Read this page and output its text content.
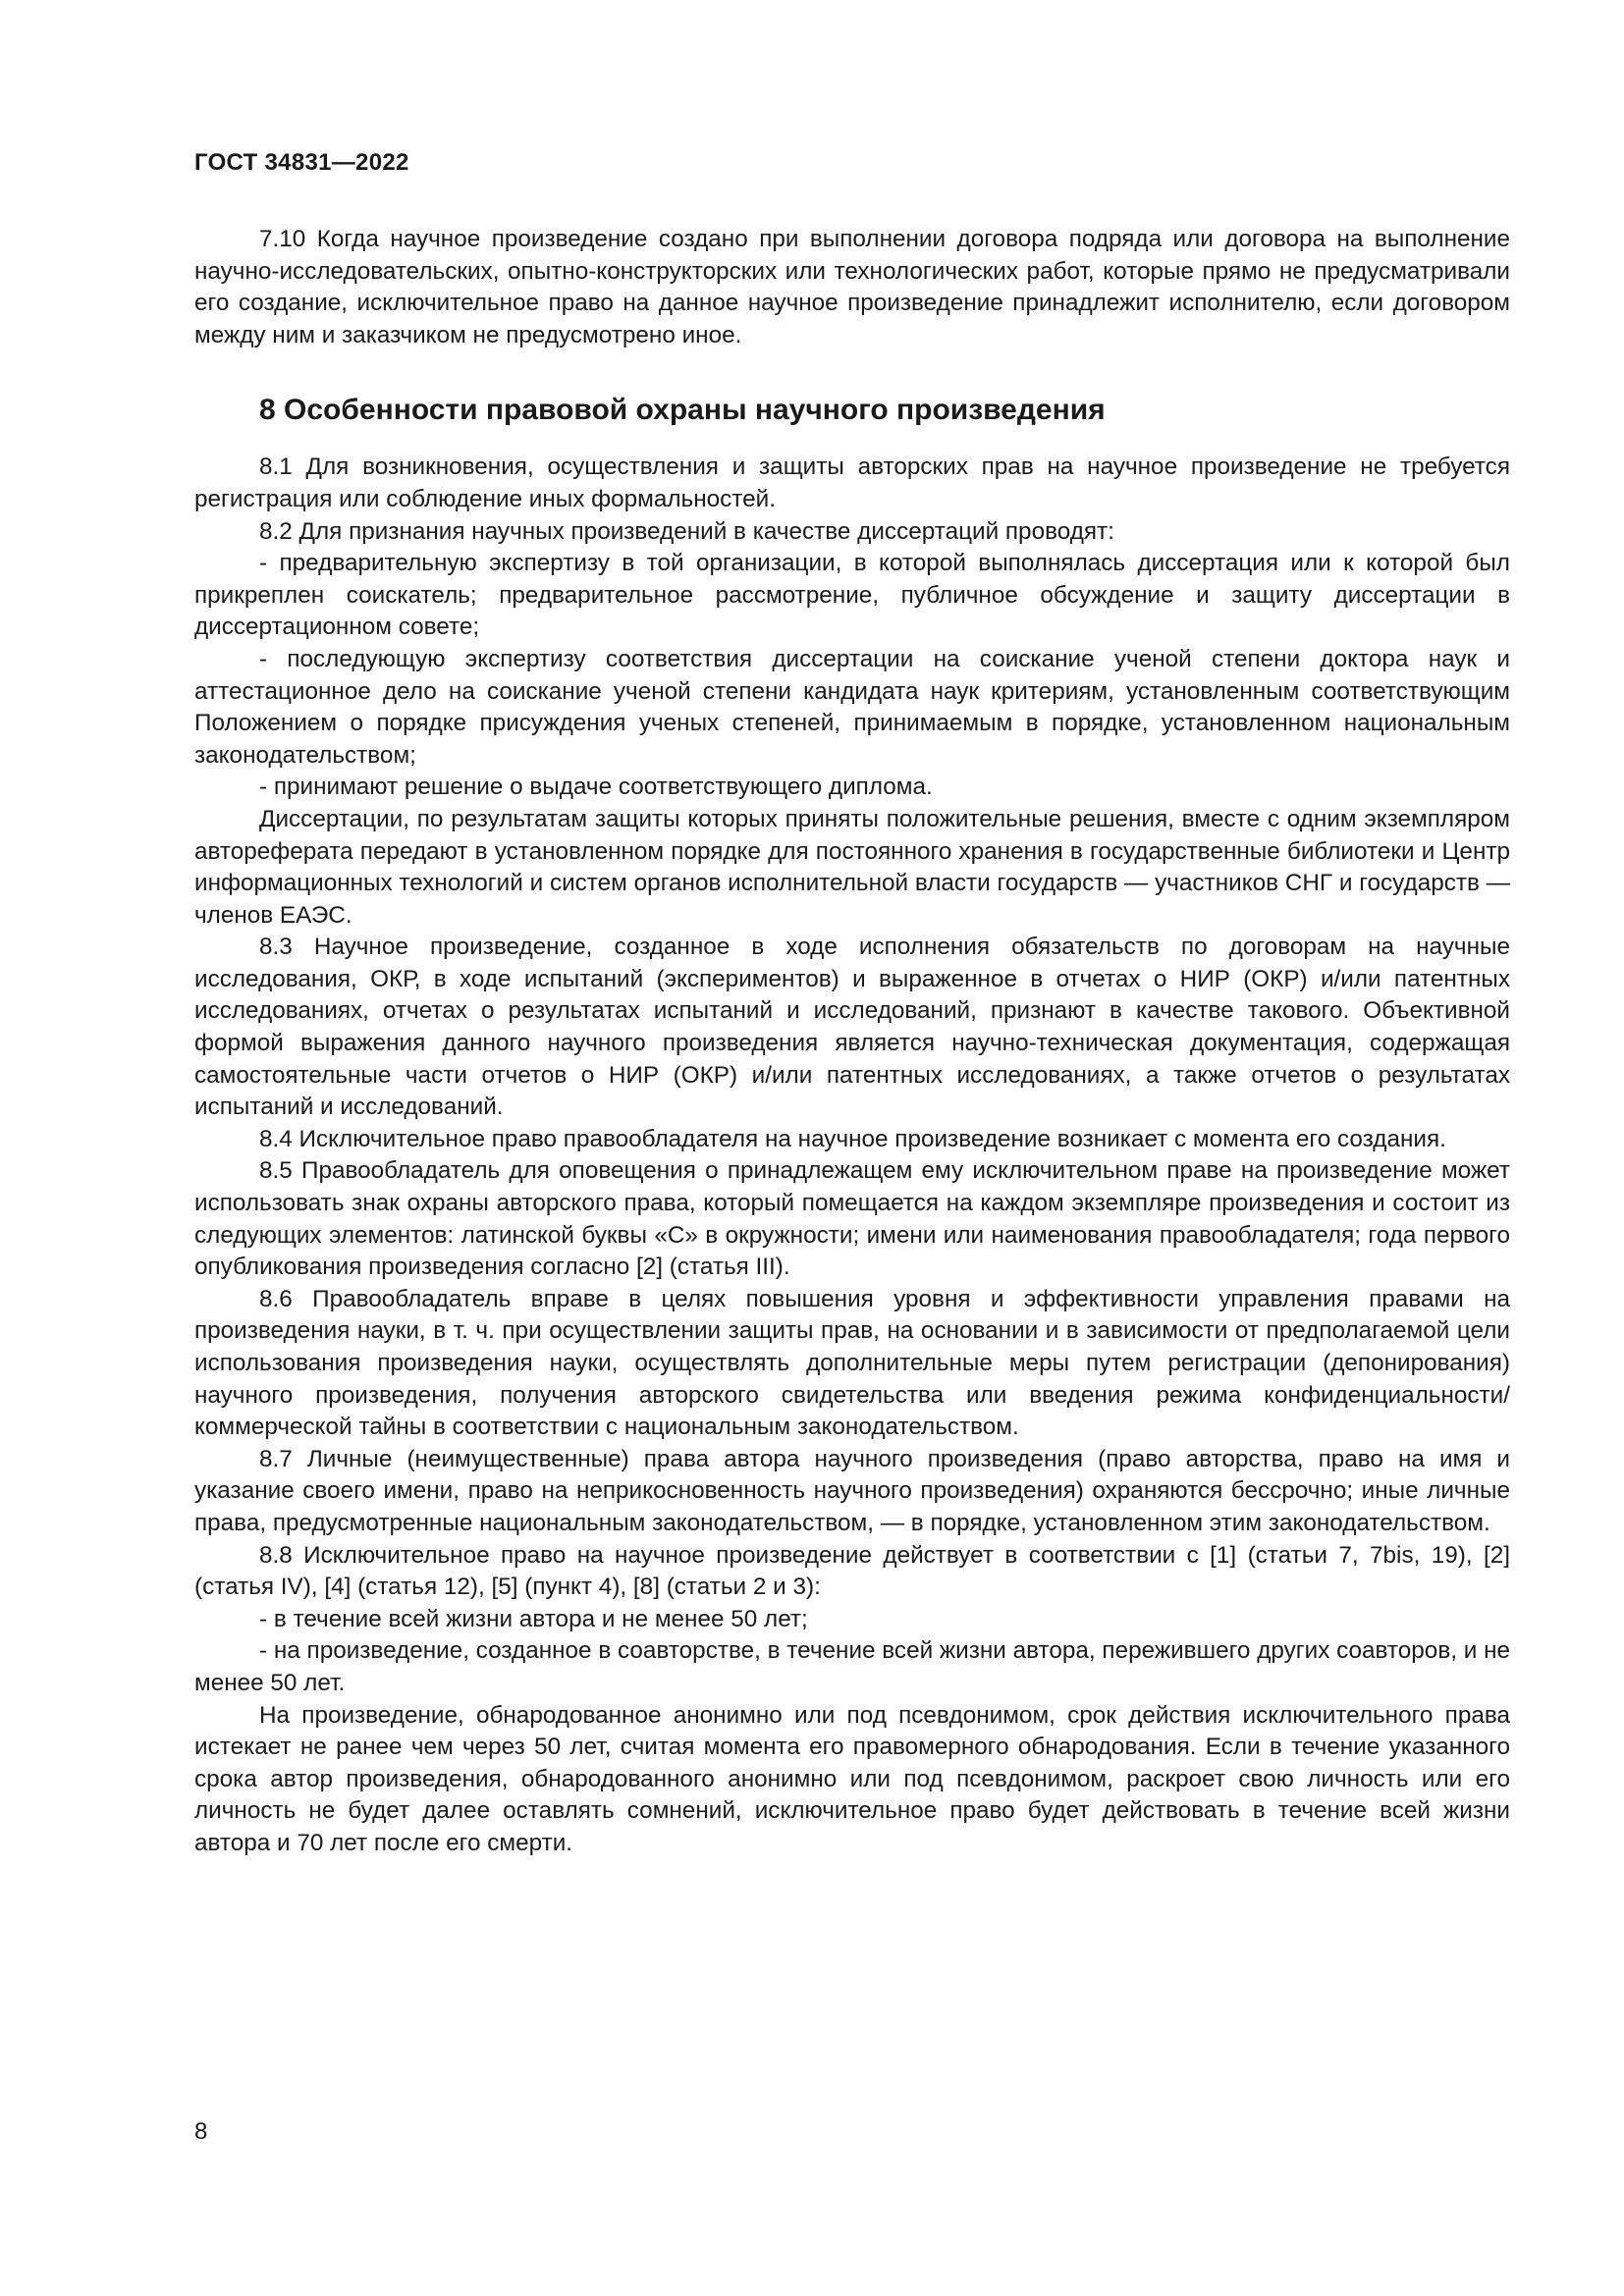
ГОСТ 34831—2022

7.10 Когда научное произведение создано при выполнении договора подряда или договора на выполнение научно-исследовательских, опытно-конструкторских или технологических работ, которые прямо не предусматривали его создание, исключительное право на данное научное произведение принадлежит исполнителю, если договором между ним и заказчиком не предусмотрено иное.

8 Особенности правовой охраны научного произведения

8.1 Для возникновения, осуществления и защиты авторских прав на научное произведение не требуется регистрация или соблюдение иных формальностей.

8.2 Для признания научных произведений в качестве диссертаций проводят:

- предварительную экспертизу в той организации, в которой выполнялась диссертация или к которой был прикреплен соискатель; предварительное рассмотрение, публичное обсуждение и защиту диссертации в диссертационном совете;

- последующую экспертизу соответствия диссертации на соискание ученой степени доктора наук и аттестационное дело на соискание ученой степени кандидата наук критериям, установленным соответствующим Положением о порядке присуждения ученых степеней, принимаемым в порядке, установленном национальным законодательством;

- принимают решение о выдаче соответствующего диплома.

Диссертации, по результатам защиты которых приняты положительные решения, вместе с одним экземпляром автореферата передают в установленном порядке для постоянного хранения в государственные библиотеки и Центр информационных технологий и систем органов исполнительной власти государств — участников СНГ и государств — членов ЕАЭС.

8.3 Научное произведение, созданное в ходе исполнения обязательств по договорам на научные исследования, ОКР, в ходе испытаний (экспериментов) и выраженное в отчетах о НИР (ОКР) и/или патентных исследованиях, отчетах о результатах испытаний и исследований, признают в качестве такового. Объективной формой выражения данного научного произведения является научно-техническая документация, содержащая самостоятельные части отчетов о НИР (ОКР) и/или патентных исследованиях, а также отчетов о результатах испытаний и исследований.

8.4 Исключительное право правообладателя на научное произведение возникает с момента его создания.

8.5 Правообладатель для оповещения о принадлежащем ему исключительном праве на произведение может использовать знак охраны авторского права, который помещается на каждом экземпляре произведения и состоит из следующих элементов: латинской буквы «С» в окружности; имени или наименования правообладателя; года первого опубликования произведения согласно [2] (статья III).

8.6 Правообладатель вправе в целях повышения уровня и эффективности управления правами на произведения науки, в т. ч. при осуществлении защиты прав, на основании и в зависимости от предполагаемой цели использования произведения науки, осуществлять дополнительные меры путем регистрации (депонирования) научного произведения, получения авторского свидетельства или введения режима конфиденциальности/коммерческой тайны в соответствии с национальным законодательством.

8.7 Личные (неимущественные) права автора научного произведения (право авторства, право на имя и указание своего имени, право на неприкосновенность научного произведения) охраняются бессрочно; иные личные права, предусмотренные национальным законодательством, — в порядке, установленном этим законодательством.

8.8 Исключительное право на научное произведение действует в соответствии с [1] (статьи 7, 7bis, 19), [2] (статья IV), [4] (статья 12), [5] (пункт 4), [8] (статьи 2 и 3):

- в течение всей жизни автора и не менее 50 лет;

- на произведение, созданное в соавторстве, в течение всей жизни автора, пережившего других соавторов, и не менее 50 лет.

На произведение, обнародованное анонимно или под псевдонимом, срок действия исключительного права истекает не ранее чем через 50 лет, считая момента его правомерного обнародования. Если в течение указанного срока автор произведения, обнародованного анонимно или под псевдонимом, раскроет свою личность или его личность не будет далее оставлять сомнений, исключительное право будет действовать в течение всей жизни автора и 70 лет после его смерти.

8
